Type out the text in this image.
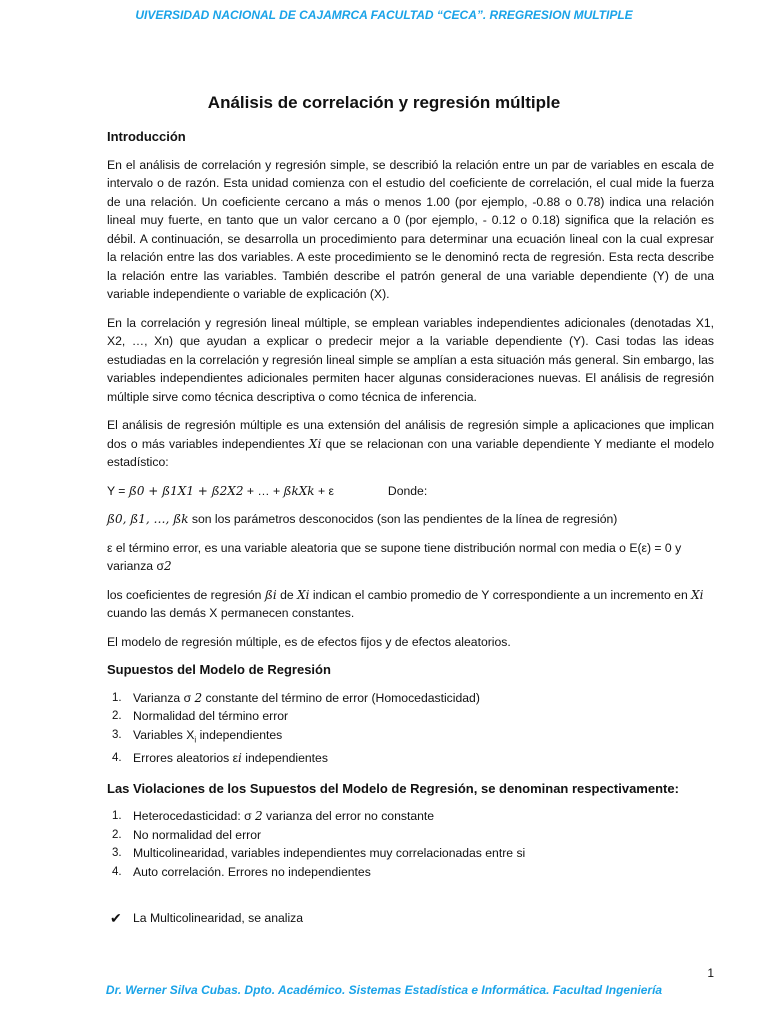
UIVERSIDAD NACIONAL DE CAJAMRCA FACULTAD “CECA”. RREGRESION MULTIPLE
Análisis de correlación y regresión múltiple
Introducción

En el análisis de correlación y regresión simple, se describió la relación entre un par de variables en escala de intervalo o de razón. Esta unidad comienza con el estudio del coeficiente de correlación, el cual mide la fuerza de una relación. Un coeficiente cercano a más o menos 1.00 (por ejemplo, -0.88 o 0.78) indica una relación lineal muy fuerte, en tanto que un valor cercano a 0 (por ejemplo, - 0.12 o 0.18) significa que la relación es débil. A continuación, se desarrolla un procedimiento para determinar una ecuación lineal con la cual expresar la relación entre las dos variables. A este procedimiento se le denominó recta de regresión. Esta recta describe la relación entre las variables. También describe el patrón general de una variable dependiente (Y) de una variable independiente o variable de explicación (X).

En la correlación y regresión lineal múltiple, se emplean variables independientes adicionales (denotadas X1, X2, …, Xn) que ayudan a explicar o predecir mejor a la variable dependiente (Y). Casi todas las ideas estudiadas en la correlación y regresión lineal simple se amplían a esta situación más general. Sin embargo, las variables independientes adicionales permiten hacer algunas consideraciones nuevas. El análisis de regresión múltiple sirve como técnica descriptiva o como técnica de inferencia.

El análisis de regresión múltiple es una extensión del análisis de regresión simple a aplicaciones que implican dos o más variables independientes Xi que se relacionan con una variable dependiente Y mediante el modelo estadístico:

Y = ß0 + ß1X1 + ß2X2 + … + ßkXk + ε	Donde:

ß0, ß1, …, ßk son los parámetros desconocidos (son las pendientes de la línea de regresión)

ε el término error, es una variable aleatoria que se supone tiene distribución normal con media o E(ε) = 0 y varianza σ2

los coeficientes de regresión ßi de Xi indican el cambio promedio de Y correspondiente a un incremento en Xi cuando las demás X permanecen constantes.

El modelo de regresión múltiple, es de efectos fijos y de efectos aleatorios.

Supuestos del Modelo de Regresión
1. Varianza σ 2 constante del término de error (Homocedasticidad)
2. Normalidad del término error
3. Variables $X_i$ independientes
4. Errores aleatorios εi independientes
Las Violaciones de los Supuestos del Modelo de Regresión, se denominan respectivamente:
1. Heterocedasticidad: σ 2 varianza del error no constante
2. No normalidad del error
3. Multicolinearidad, variables independientes muy correlacionadas entre si
4. Auto correlación. Errores no independientes
✔ La Multicolinearidad, se analiza
1
Dr. Werner Silva Cubas. Dpto. Académico. Sistemas Estadística e Informática. Facultad Ingeniería
